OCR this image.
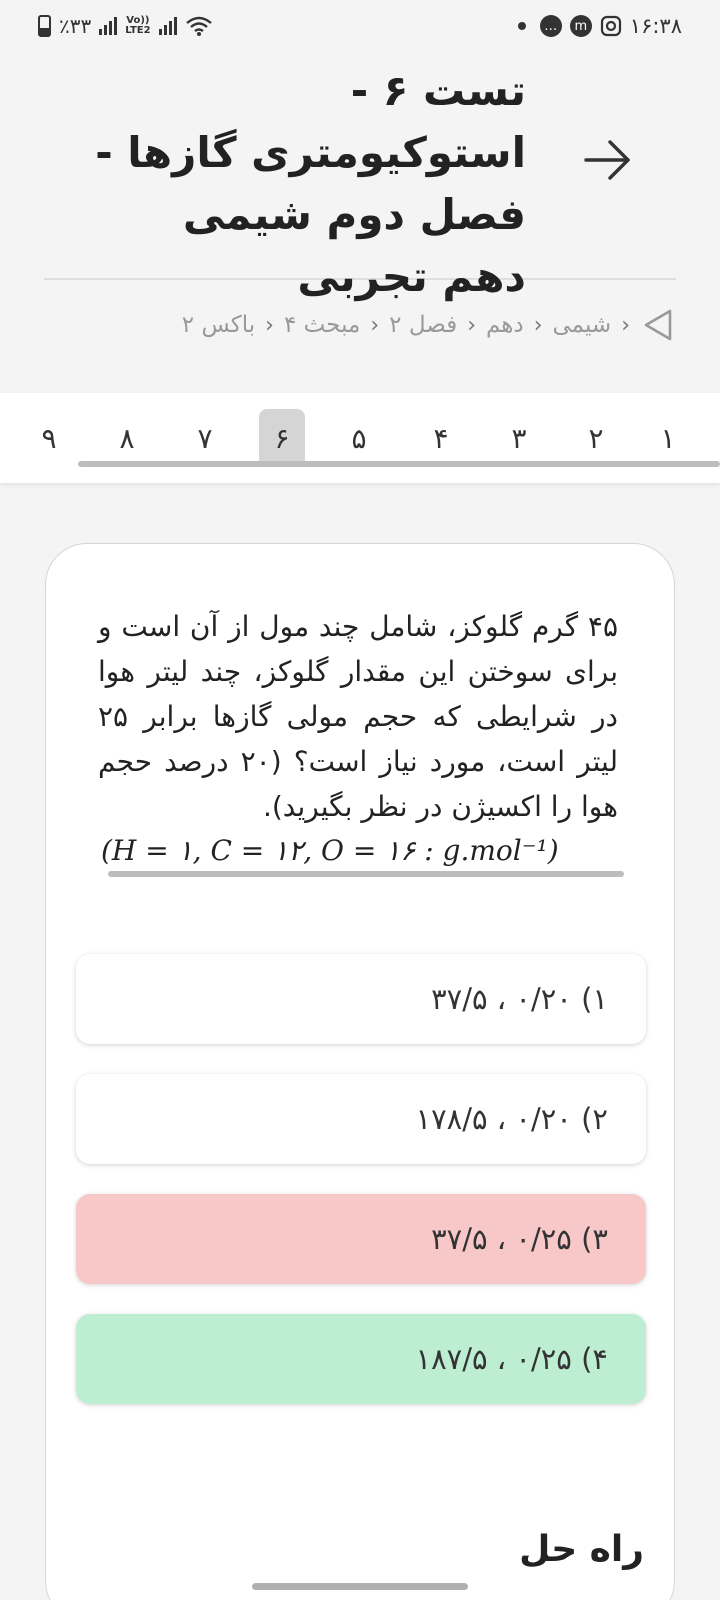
٪۳۳	Vo))
LTE2	…	m ۱۶:۳۸
تست ۶ - استوکیومتری گازها - فصل دوم شیمی دهم تجربی
‹
شیمی
‹
دهم
‹
فصل ۲
‹
مبحث ۴
‹
باکس ۲
۱
۲
۳
۴
۵
۶
۷
۸
۹
۴۵ گرم گلوکز، شامل چند مول از آن است و برای سوختن این مقدار گلوکز، چند لیتر هوا در شرایطی که حجم مولی گازها برابر ۲۵ لیتر است، مورد نیاز است؟ (۲۰ درصد حجم هوا را اکسیژن در نظر بگیرید).
(H = ۱, C = ۱۲, O = ۱۶ : g.mol⁻¹)
۱) ۰/۲۰ ، ۳۷/۵
۲) ۰/۲۰ ، ۱۷۸/۵
۳) ۰/۲۵ ، ۳۷/۵
۴) ۰/۲۵ ، ۱۸۷/۵
راه حل
